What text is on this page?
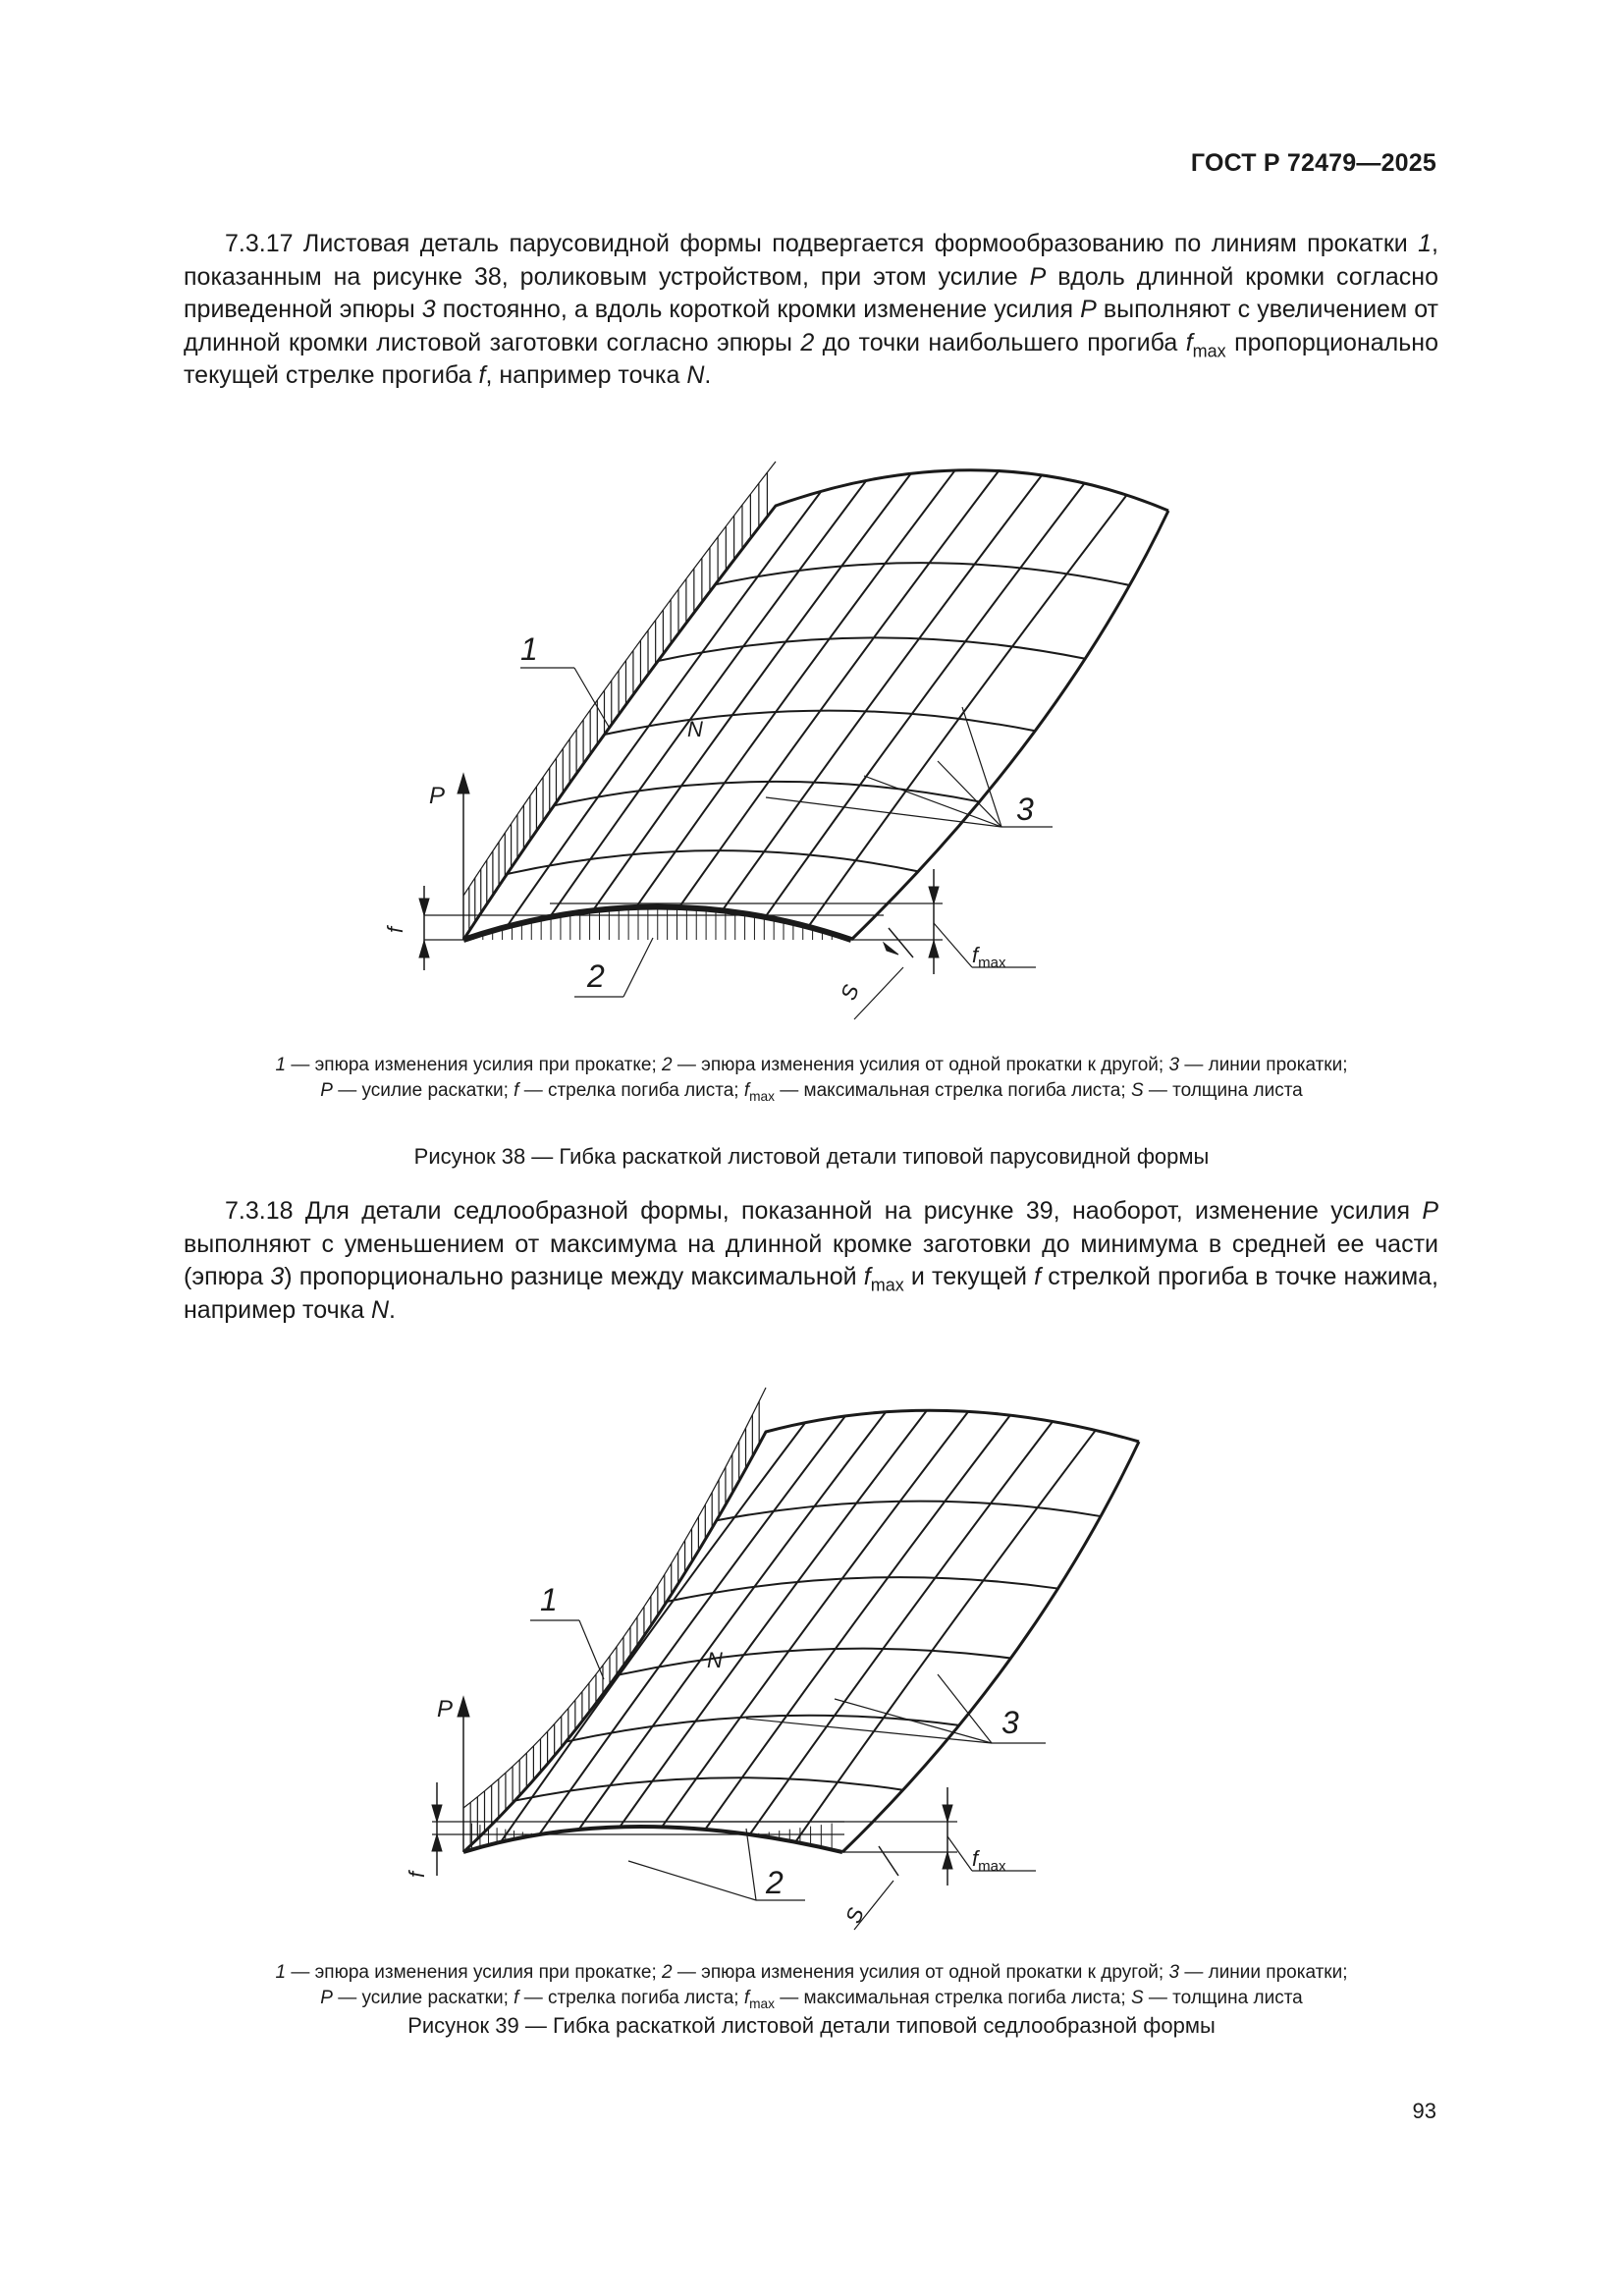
ГОСТ Р 72479—2025
7.3.17 Листовая деталь парусовидной формы подвергается формообразованию по линиям прокатки 1, показанным на рисунке 38, роликовым устройством, при этом усилие P вдоль длинной кромки согласно приведенной эпюры 3 постоянно, а вдоль короткой кромки изменение усилия P выполняют с увеличением от длинной кромки листовой заготовки согласно эпюры 2 до точки наибольшего прогиба $f_{max}$ пропорционально текущей стрелке прогиба f, например точка N.
1
N
3
P
f
2	S
$f_{max}$
1 — эпюра изменения усилия при прокатке; 2 — эпюра изменения усилия от одной прокатки к другой; 3 — линии прокатки;
P — усилие раскатки; f — стрелка погиба листа; $f_{max}$ — максимальная стрелка погиба листа; S — толщина листа
Рисунок 38 — Гибка раскаткой листовой детали типовой парусовидной формы
7.3.18 Для детали седлообразной формы, показанной на рисунке 39, наоборот, изменение усилия P выполняют с уменьшением от максимума на длинной кромке заготовки до минимума в средней ее части (эпюра 3) пропорционально разнице между максимальной $f_{max}$ и текущей f стрелкой прогиба в точке нажима, например точка N.
1
N
3
P
f	2
S
$f_{max}$
1 — эпюра изменения усилия при прокатке; 2 — эпюра изменения усилия от одной прокатки к другой; 3 — линии прокатки;
P — усилие раскатки; f — стрелка погиба листа; $f_{max}$ — максимальная стрелка погиба листа; S — толщина листа
Рисунок 39 — Гибка раскаткой листовой детали типовой седлообразной формы
93
